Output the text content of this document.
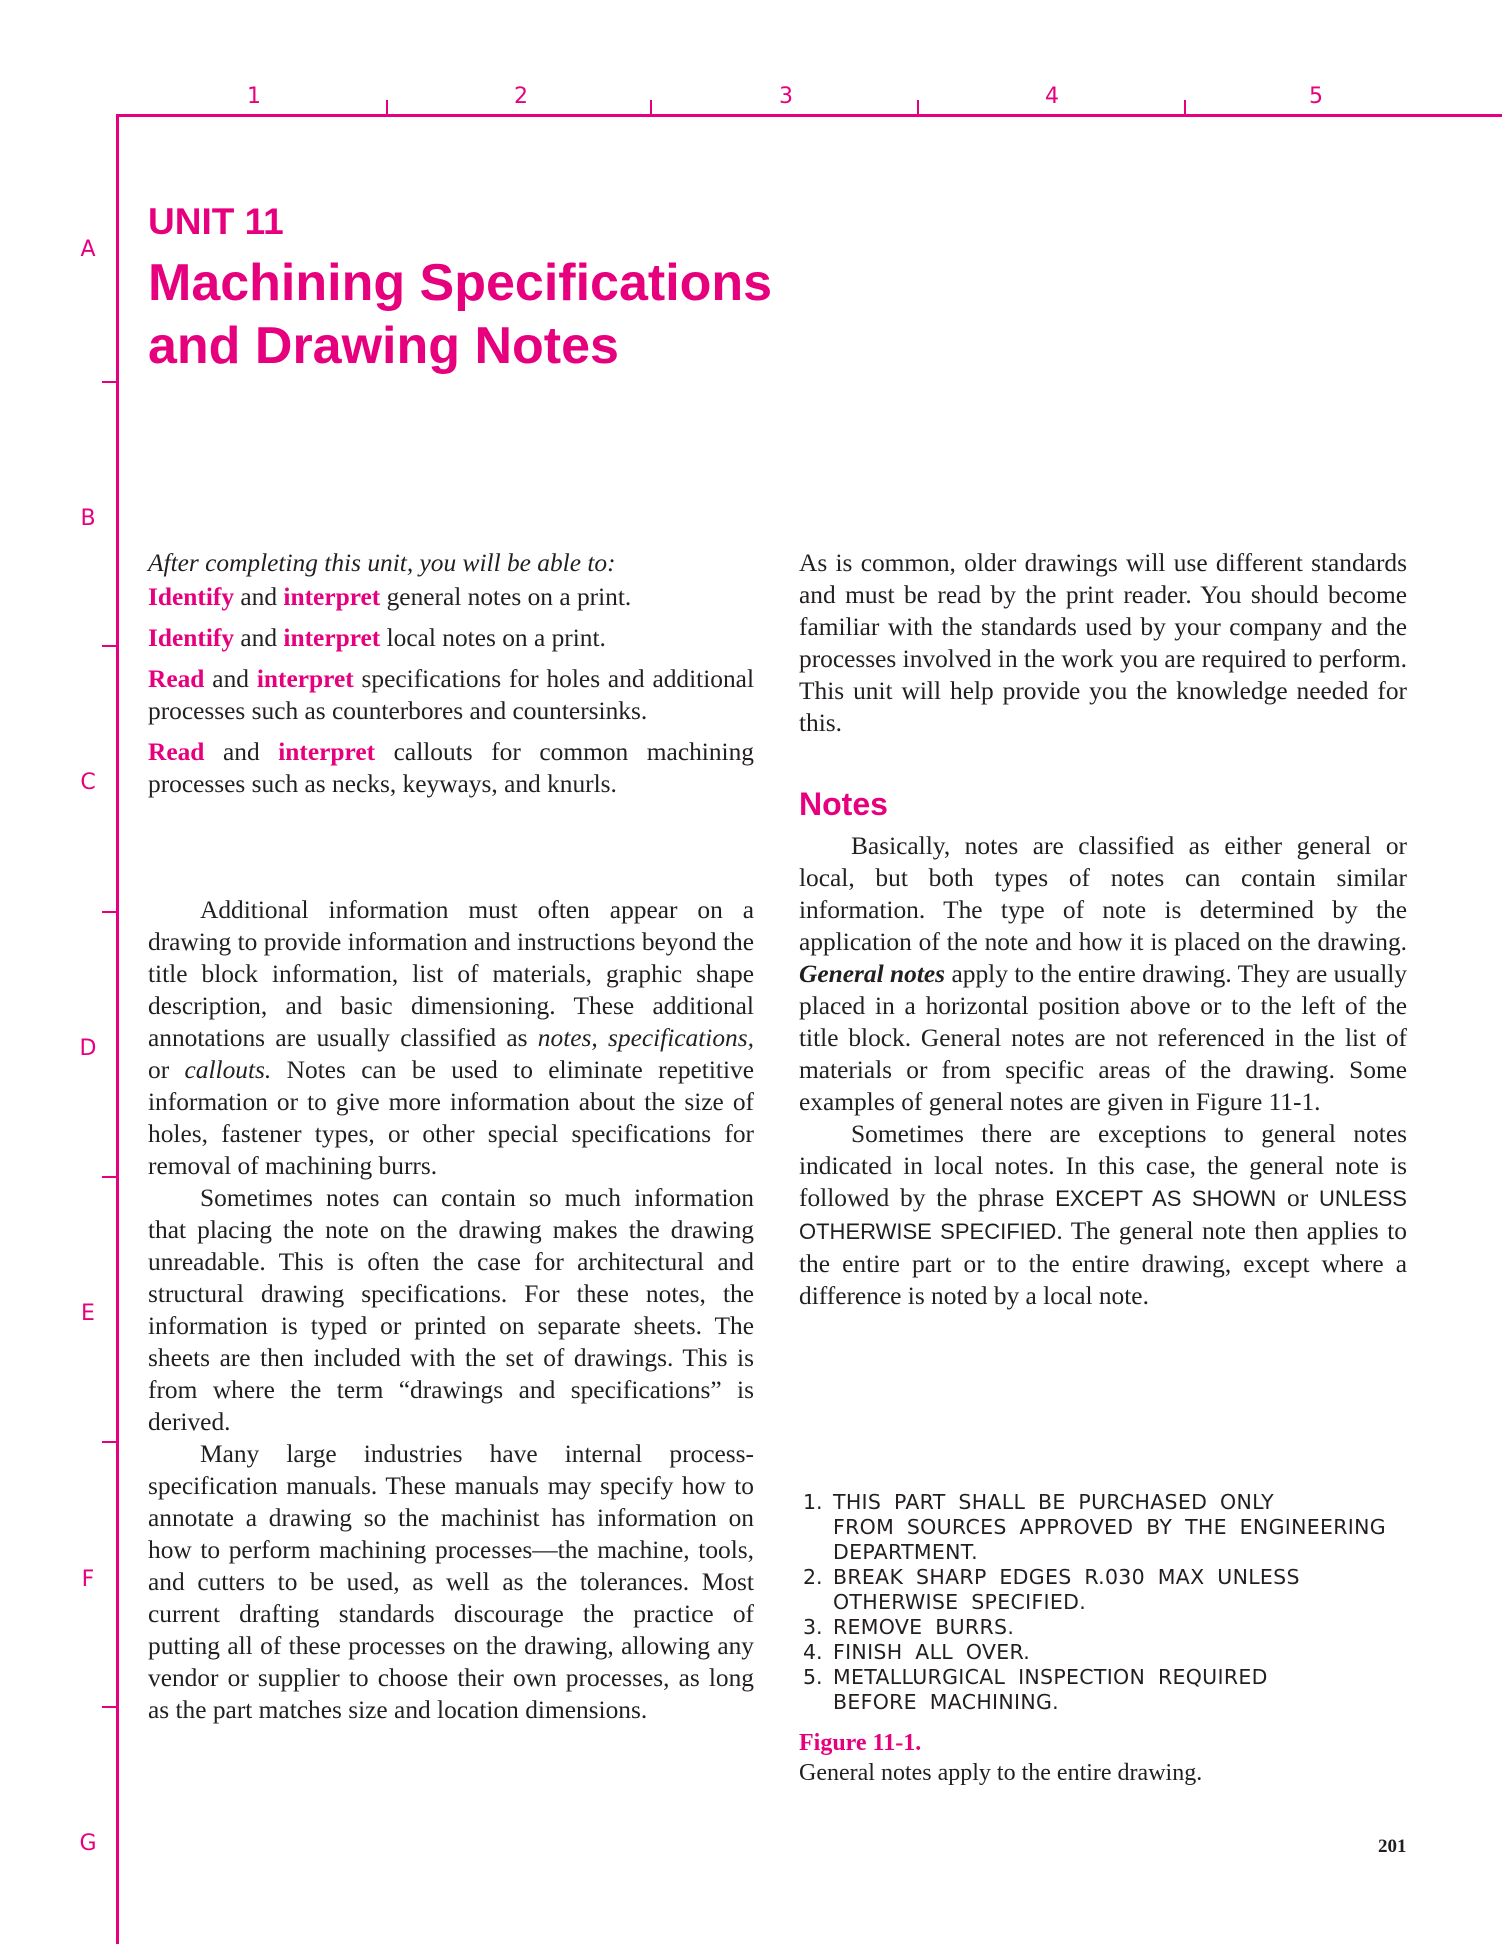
1	2	3	4	5
A
B
C
D
E
F
G
UNIT 11
Machining Specifications
and Drawing Notes
After completing this unit, you will be able to:
Identify and interpret general notes on a print.
Identify and interpret local notes on a print.
Read and interpret specifications for holes and additional processes such as counterbores and countersinks.
Read and interpret callouts for common machining processes such as necks, keyways, and knurls.

Additional information must often appear on a drawing to provide information and instructions beyond the title block information, list of materials, graphic shape description, and basic dimensioning. These additional annotations are usually classified as notes, specifications, or callouts. Notes can be used to eliminate repetitive information or to give more information about the size of holes, fastener types, or other special specifications for removal of machining burrs.

Sometimes notes can contain so much information that placing the note on the drawing makes the drawing unreadable. This is often the case for architectural and structural drawing specifications. For these notes, the information is typed or printed on separate sheets. The sheets are then included with the set of drawings. This is from where the term “drawings and specifications” is derived.

Many large industries have internal process-specification manuals. These manuals may specify how to annotate a drawing so the machinist has information on how to perform machining processes—the machine, tools, and cutters to be used, as well as the tolerances. Most current drafting standards discourage the practice of putting all of these processes on the drawing, allowing any vendor or supplier to choose their own processes, as long as the part matches size and location dimensions.

As is common, older drawings will use different standards and must be read by the print reader. You should become familiar with the standards used by your company and the processes involved in the work you are required to perform. This unit will help provide you the knowledge needed for this.

Notes

Basically, notes are classified as either general or local, but both types of notes can contain similar information. The type of note is determined by the application of the note and how it is placed on the drawing. General notes apply to the entire drawing. They are usually placed in a horizontal position above or to the left of the title block. General notes are not referenced in the list of materials or from specific areas of the drawing. Some examples of general notes are given in Figure 11-1.

Sometimes there are exceptions to general notes indicated in local notes. In this case, the general note is followed by the phrase EXCEPT AS SHOWN or UNLESS OTHERWISE SPECIFIED. The general note then applies to the entire part or to the entire drawing, except where a difference is noted by a local note.

1. THIS PART SHALL BE PURCHASED ONLY
FROM SOURCES APPROVED BY THE ENGINEERING
DEPARTMENT.
2. BREAK SHARP EDGES R.030 MAX UNLESS
OTHERWISE SPECIFIED.
3. REMOVE BURRS.
4. FINISH ALL OVER.
5. METALLURGICAL INSPECTION REQUIRED
BEFORE MACHINING.
Figure 11-1.
General notes apply to the entire drawing.
201
